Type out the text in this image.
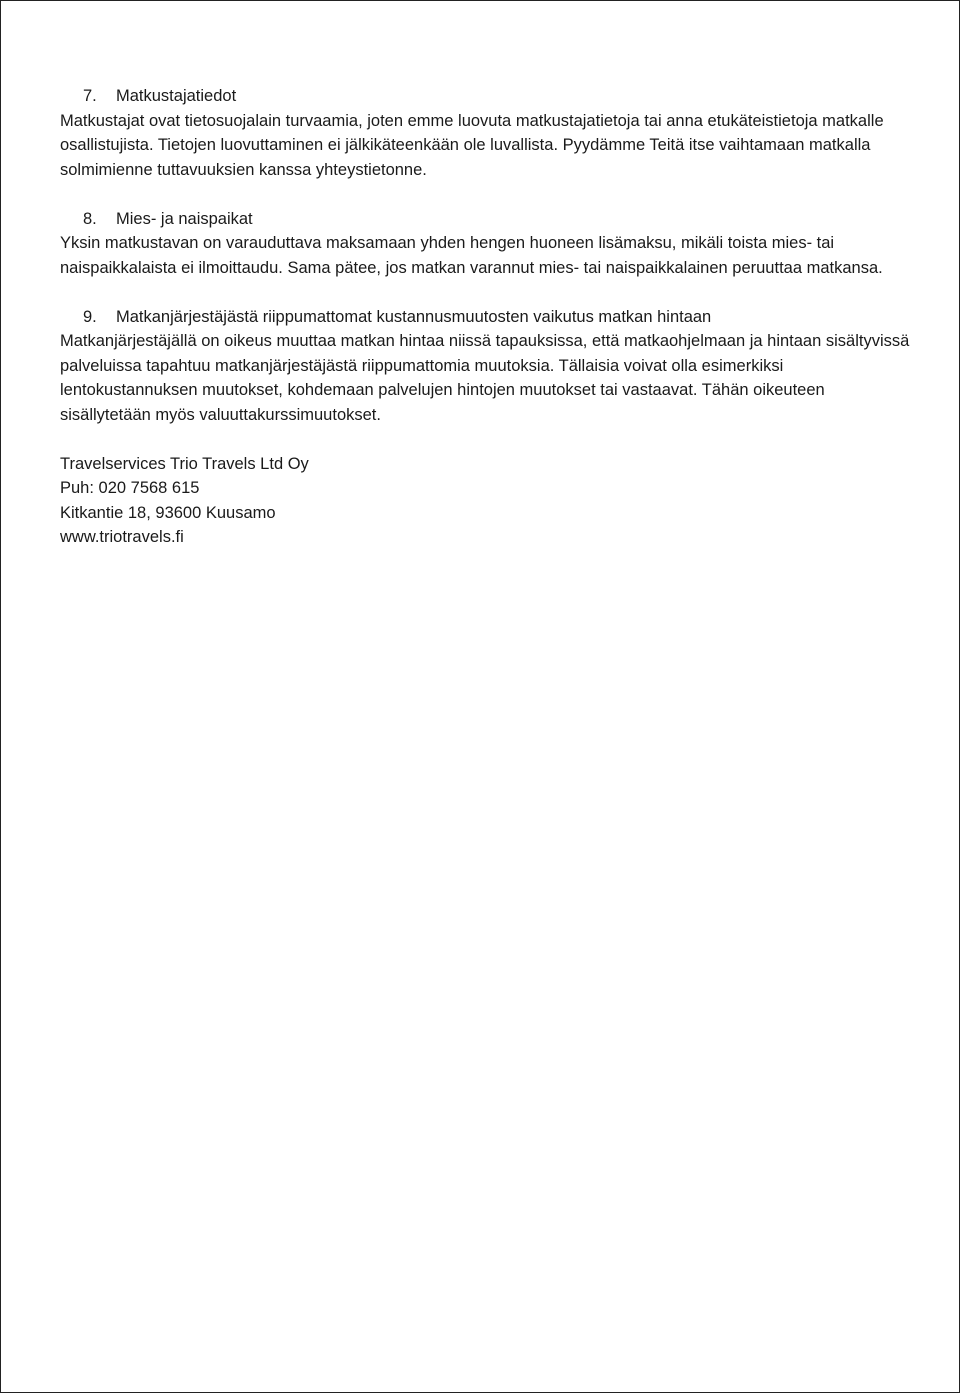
7. Matkustajatiedot

Matkustajat ovat tietosuojalain turvaamia, joten emme luovuta matkustajatietoja tai anna etukäteistietoja matkalle osallistujista. Tietojen luovuttaminen ei jälkikäteenkään ole luvallista. Pyydämme Teitä itse vaihtamaan matkalla solmimienne tuttavuuksien kanssa yhteystietonne.

8. Mies- ja naispaikat

Yksin matkustavan on varauduttava maksamaan yhden hengen huoneen lisämaksu, mikäli toista mies- tai naispaikkalaista ei ilmoittaudu. Sama pätee, jos matkan varannut mies- tai naispaikkalainen peruuttaa matkansa.

9. Matkanjärjestäjästä riippumattomat kustannusmuutosten vaikutus matkan hintaan

Matkanjärjestäjällä on oikeus muuttaa matkan hintaa niissä tapauksissa, että matkaohjelmaan ja hintaan sisältyvissä palveluissa tapahtuu matkanjärjestäjästä riippumattomia muutoksia. Tällaisia voivat olla esimerkiksi lentokustannuksen muutokset, kohdemaan palvelujen hintojen muutokset tai vastaavat. Tähän oikeuteen sisällytetään myös valuuttakurssimuutokset.

Travelservices Trio Travels Ltd Oy
Puh: 020 7568 615
Kitkantie 18, 93600 Kuusamo
www.triotravels.fi
